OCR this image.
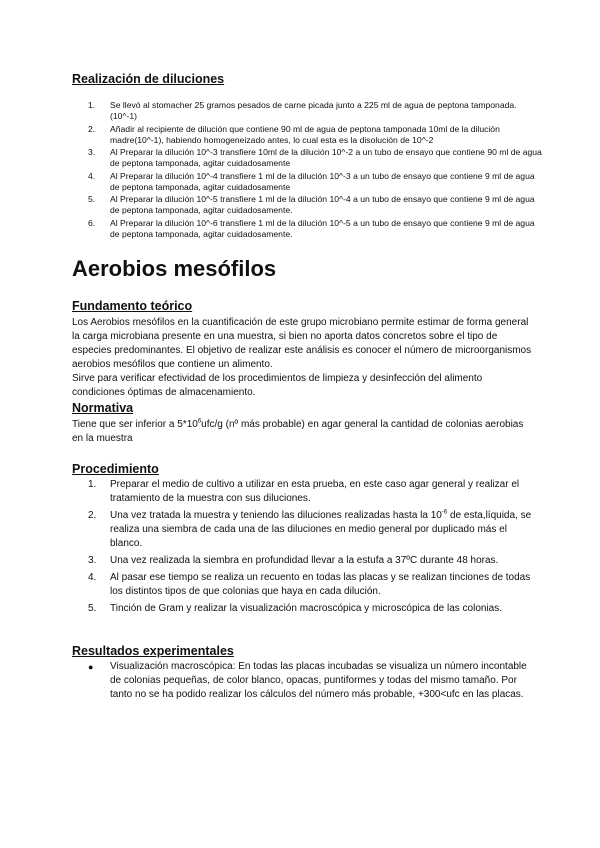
Realización de diluciones
1. Se llevó al stomacher 25 gramos pesados de carne picada junto a 225 ml de agua de peptona tamponada. (10^-1)
2. Añadir al recipiente de dilución que contiene 90 ml de agua de peptona tamponada 10ml de la dilución madre(10^-1), habiendo homogeneizado antes, lo cual esta es la disolución de 10^-2
3. Al Preparar la dilución 10^-3 transfiere 10ml de la dilución 10^-2 a un tubo de ensayo que contiene 90 ml de agua de peptona tamponada, agitar cuidadosamente
4. Al Preparar la dilución 10^-4 transfiere 1 ml de la dilución 10^-3 a un tubo de ensayo que contiene 9 ml de agua de peptona tamponada, agitar cuidadosamente
5. Al Preparar la dilución 10^-5 transfiere 1 ml de la dilución 10^-4 a un tubo de ensayo que contiene 9 ml de agua de peptona tamponada, agitar cuidadosamente.
6. Al Preparar la dilución 10^-6 transfiere 1 ml de la dilución 10^-5 a un tubo de ensayo que contiene 9 ml de agua de peptona tamponada, agitar cuidadosamente.
Aerobios mesófilos
Fundamento teórico

Los Aerobios mesófilos en la cuantificación de este grupo microbiano permite estimar de forma general la carga microbiana presente en una muestra, si bien no aporta datos concretos sobre el tipo de especies predominantes. El objetivo de realizar este análisis es conocer el número de microorganismos aerobios mesófilos que contiene un alimento.

Sirve para verificar efectividad de los procedimientos de limpieza y desinfección del alimento condiciones óptimas de almacenamiento.

Normativa

Tiene que ser inferior a $5*10^6ufc/g$ (nº más probable) en agar general la cantidad de colonias aerobias en la muestra

Procedimiento
1. Preparar el medio de cultivo a utilizar en esta prueba, en este caso agar general y realizar el tratamiento de la muestra con sus diluciones.
2. Una vez tratada la muestra y teniendo las diluciones realizadas hasta la $10^{-6}$ de esta,líquida, se realiza una siembra de cada una de las diluciones en medio general por duplicado más el blanco.
3. Una vez realizada la siembra en profundidad llevar a la estufa a 37ºC durante 48 horas.
4. Al pasar ese tiempo se realiza un recuento en todas las placas y se realizan tinciones de todas los distintos tipos de que colonias que haya en cada dilución.
5. Tinción de Gram y realizar la visualización macroscópica y microscópica de las colonias.
Resultados experimentales
● Visualización macroscópica: En todas las placas incubadas se visualiza un número incontable de colonias pequeñas, de color blanco, opacas, puntiformes y todas del mismo tamaño. Por tanto no se ha podido realizar los cálculos del número más probable, +300<ufc en las placas.
